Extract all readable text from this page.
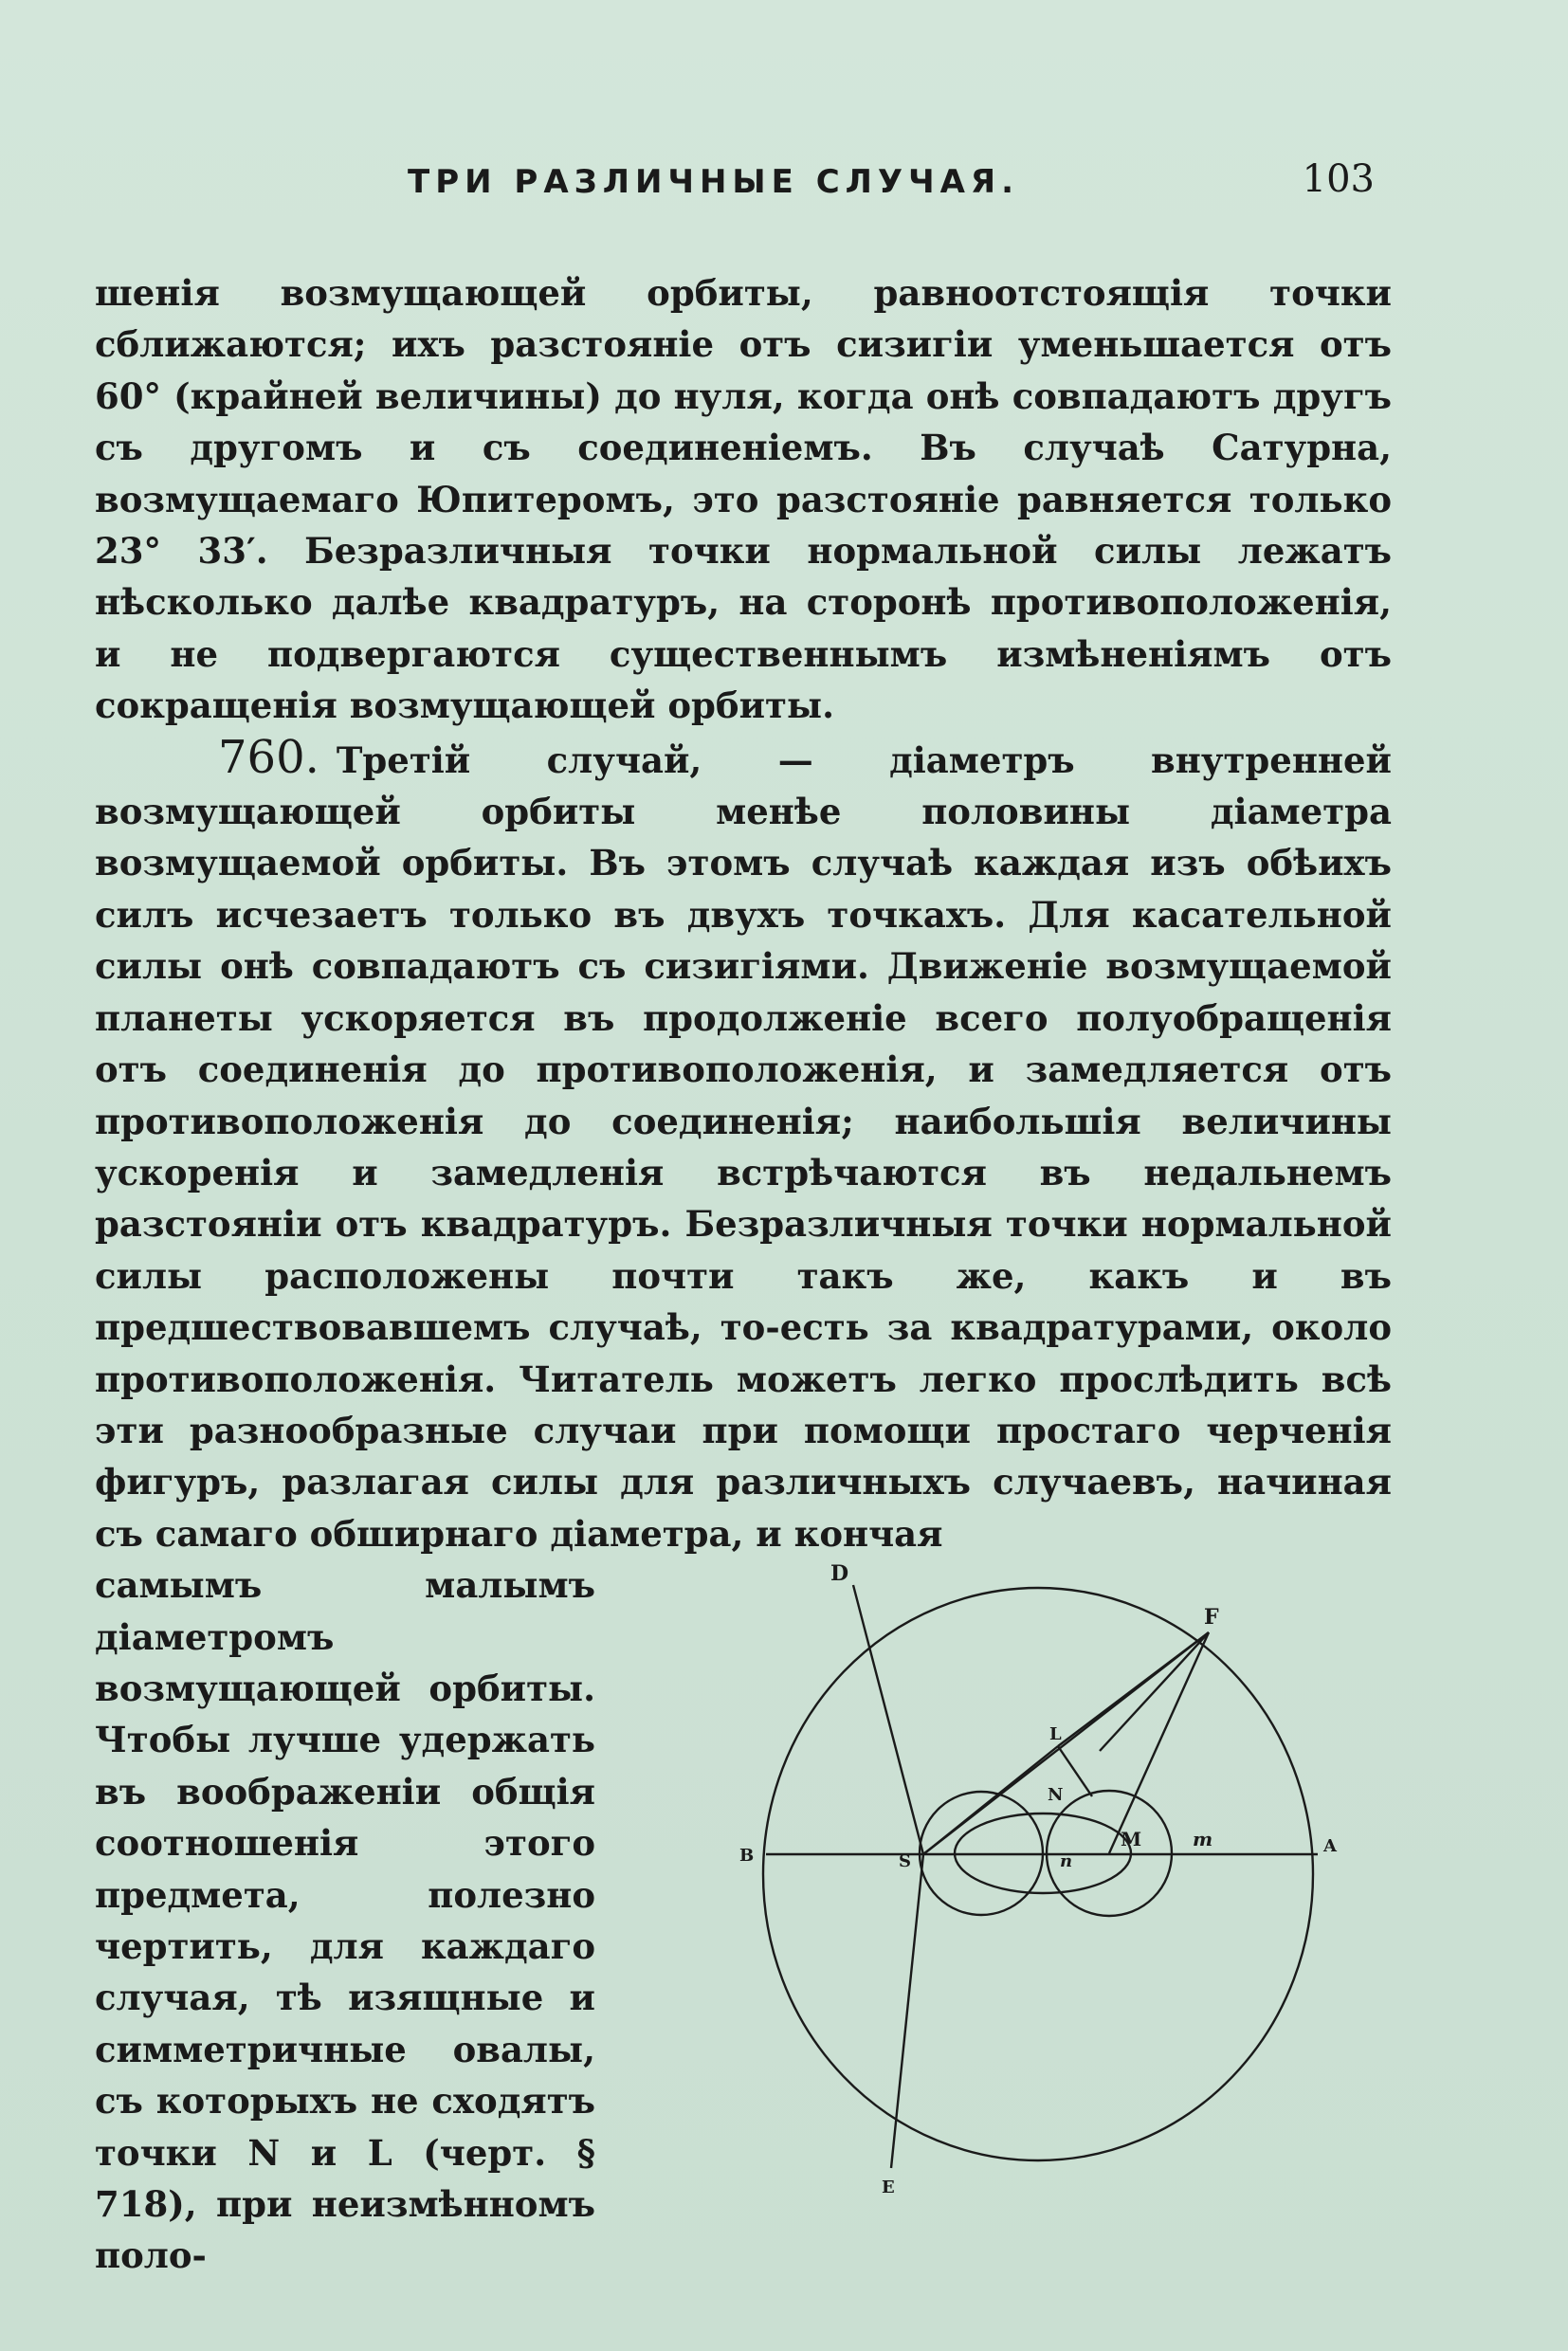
ТРИ РАЗЛИЧНЫЕ СЛУЧАЯ.	103
шенія возмущающей орбиты, равноотстоящія точки сближаются; ихъ разстояніе отъ сизигіи уменьшается отъ 60° (крайней величины) до нуля, когда онѣ совпадаютъ другъ съ другомъ и съ соединеніемъ. Въ случаѣ Сатурна, возмущаемаго Юпитеромъ, это разстояніе равняется только 23° 33′. Безразличныя точки нормальной силы лежатъ нѣсколько далѣе квадратуръ, на сторонѣ противоположенія, и не подвергаются существеннымъ измѣненіямъ отъ сокращенія возмущающей орбиты.
760. Третій случай, — діаметръ внутренней возмущающей орбиты менѣе половины діаметра возмущаемой орбиты. Въ этомъ случаѣ каждая изъ обѣихъ силъ исчезаетъ только въ двухъ точкахъ. Для касательной силы онѣ совпадаютъ съ сизигіями. Движеніе возмущаемой планеты ускоряется въ продолженіе всего полуобращенія отъ соединенія до противоположенія, и замедляется отъ противоположенія до соединенія; наибольшія величины ускоренія и замедленія встрѣчаются въ недальнемъ разстояніи отъ квадратуръ. Безразличныя точки нормальной силы расположены почти такъ же, какъ и въ предшествовавшемъ случаѣ, то-есть за квадратурами, около противоположенія. Читатель можетъ легко прослѣдить всѣ эти разнообразные случаи при помощи простаго черченія фигуръ, разлагая силы для различныхъ случаевъ, начиная съ самаго обширнаго діаметра, и кончая
самымъ малымъ діаметромъ возмущающей орбиты. Чтобы лучше удержать въ воображеніи общія соотношенія этого предмета, полезно чертить, для каждаго случая, тѣ изящные и симметричные овалы, съ которыхъ не сходятъ точки N и L (черт. § 718), при неизмѣнномъ поло-
D
F
L
N
M	m	A
B	S	n
E
